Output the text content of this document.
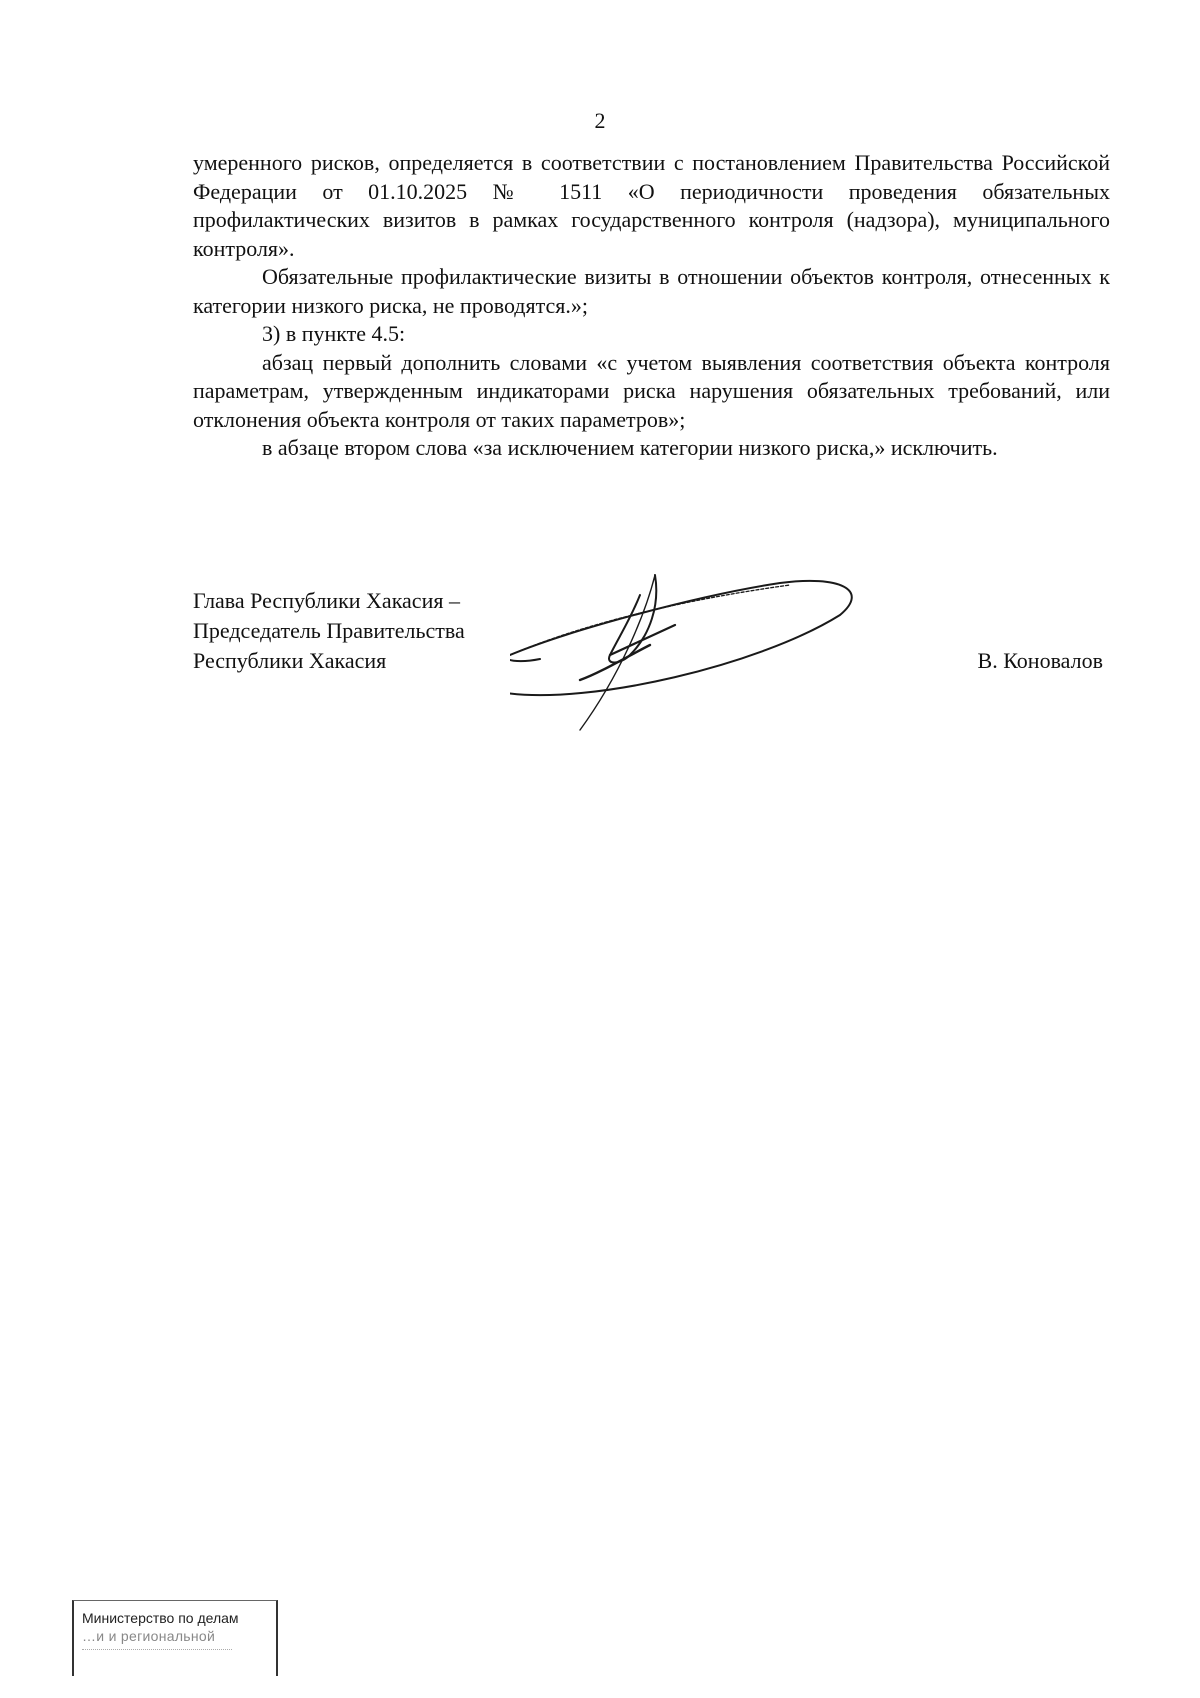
2

умеренного рисков, определяется в соответствии с постановлением Правительства Российской Федерации от 01.10.2025 № 1511 «О периодичности проведения обязательных профилактических визитов в рамках государственного контроля (надзора), муниципального контроля».

Обязательные профилактические визиты в отношении объектов контроля, отнесенных к категории низкого риска, не проводятся.»;

3) в пункте 4.5:

абзац первый дополнить словами «с учетом выявления соответствия объекта контроля параметрам, утвержденным индикаторами риска нарушения обязательных требований, или отклонения объекта контроля от таких параметров»;

в абзаце втором слова «за исключением категории низкого риска,» исключить.

Глава Республики Хакасия –
Председатель Правительства
Республики Хакасия	В. Коновалов
Министерство по делам
…и и региональной
